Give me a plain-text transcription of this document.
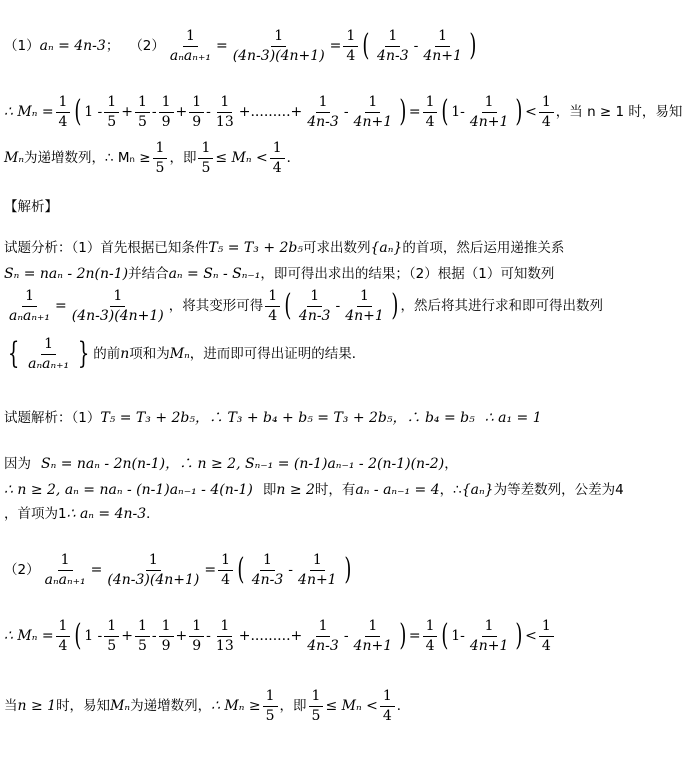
（1） aₙ = 4n-3 ； $(2) \frac{1}{\text{aₙaₙ₊₁}} = \frac{1}{(4n-3)(4n+1)} = \frac{1}{4}$ ( $\frac{1}{4n-3} - \frac{1}{4n+1}$ )
∴ $M_n = \frac{1}{4}$ ( $1 - \frac{1}{5} + \frac{1}{5} - \frac{1}{9} + \frac{1}{9} - \frac{1}{13}$ +.........+ $\frac{1}{4n-3} - \frac{1}{4n+1}$ ) = $\frac{1}{4}$ ( $1- \frac{1}{4n+1}$ ) < $\frac{1}{4}$ ，当 n ≥ 1 时，易知
Mₙ 为递增数列，∴ $M_n \ge \frac{1}{5}$ ，即 $\frac{1}{5} \le M_n < \frac{1}{4}$ ．
【解析】
试题分析：（1）首先根据已知条件 T₅ = T₃ + 2b₅ 可求出数列 {aₙ} 的首项，然后运用递推关系
Sₙ = naₙ - 2n(n-1) 并结合 aₙ = Sₙ - Sₙ₋₁ ，即可得出求出的结果；（2）根据（1）可知数列
$\frac{1}{\text{aₙaₙ₊₁}} = \frac{1}{(4n-3)(4n+1)}$ ，将其变形可得 $\frac{1}{4}$ ( $\frac{1}{4n-3} - \frac{1}{4n+1}$ ) ，然后将其进行求和即可得出数列
{ $\frac{1}{\text{aₙaₙ₊₁}}$ } 的前 n 项和为 Mₙ ，进而即可得出证明的结果．
试题解析：（1） T₅ = T₃ + 2b₅ ，∴ T₃ + b₄ + b₅ = T₃ + 2b₅ ，∴ b₄ = b₅ ∴ a₁ = 1
因为 Sₙ = naₙ - 2n(n-1) ，∴ n ≥ 2, Sₙ₋₁ = (n-1)aₙ₋₁ - 2(n-1)(n-2) ，
∴ n ≥ 2, aₙ = naₙ - (n-1)aₙ₋₁ - 4(n-1) 即 n ≥ 2 时，有 aₙ - aₙ₋₁ = 4 ，∴ {aₙ} 为等差数列，公差为4
，首项为1 ∴ aₙ = 4n-3 ．
$(2) \frac{1}{\text{aₙaₙ₊₁}} = \frac{1}{(4n-3)(4n+1)} = \frac{1}{4}$ ( $\frac{1}{4n-3} - \frac{1}{4n+1}$ )
∴ $M_n = \frac{1}{4}$ ( $1 - \frac{1}{5} + \frac{1}{5} - \frac{1}{9} + \frac{1}{9} - \frac{1}{13}$ +.........+ $\frac{1}{4n-3} - \frac{1}{4n+1}$ ) = $\frac{1}{4}$ ( $1- \frac{1}{4n+1}$ ) < $\frac{1}{4}$
当 n ≥ 1 时，易知 Mₙ 为递增数列， ∴ $M_n \ge \frac{1}{5}$ ，即 $\frac{1}{5} \le M_n < \frac{1}{4}$ ．
